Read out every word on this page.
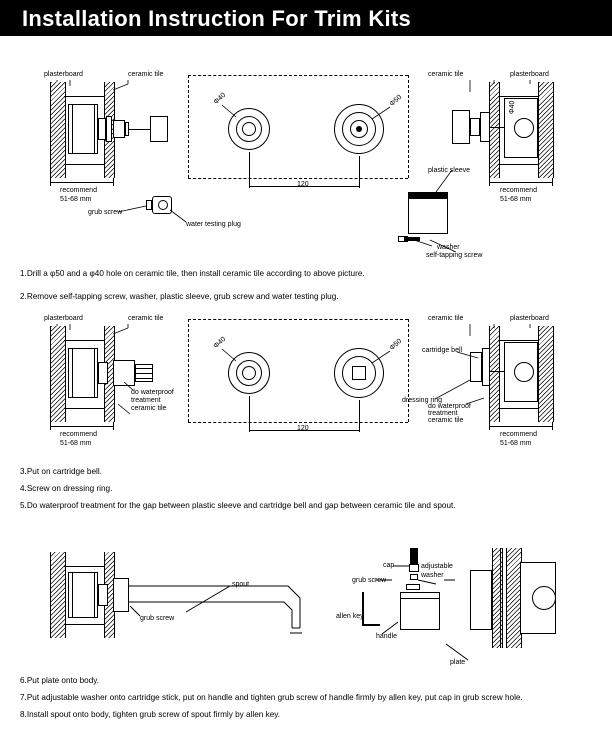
Installation Instruction For Trim Kits
plasterboard	ceramic tile	ceramic tile	plasterboard
recommend
51-68 mm
recommend
51-68 mm
grub screw
water testing plug
plastic sleeve
washer
self-tapping screw
Φ40	Φ50
120
Φ40
1.Drill a φ50 and a φ40 hole on ceramic tile, then install ceramic tile according to above picture.
2.Remove self-tapping screw, washer, plastic sleeve, grub screw and water testing plug.
plasterboard	ceramic tile	ceramic tile	plasterboard
recommend
51-68 mm
recommend
51-68 mm
do waterproof
treatment
ceramic tile
cartridge bell
dressing ring
do waterproof
treatment
ceramic tile
Φ40	Φ50
120
3.Put on cartridge bell.
4.Screw on dressing ring.
5.Do waterproof treatment for the gap between plastic sleeve and cartridge bell and gap between ceramic tile and spout.
grub screw
spout
cap	adjustable
washer
grub screw
allen key
handle
plate
6.Put plate onto body.
7.Put adjustable washer onto cartridge stick, put on handle and tighten grub screw of handle firmly by allen key, put cap in grub screw hole.
8.Install spout onto body, tighten grub screw of spout firmly by allen key.
